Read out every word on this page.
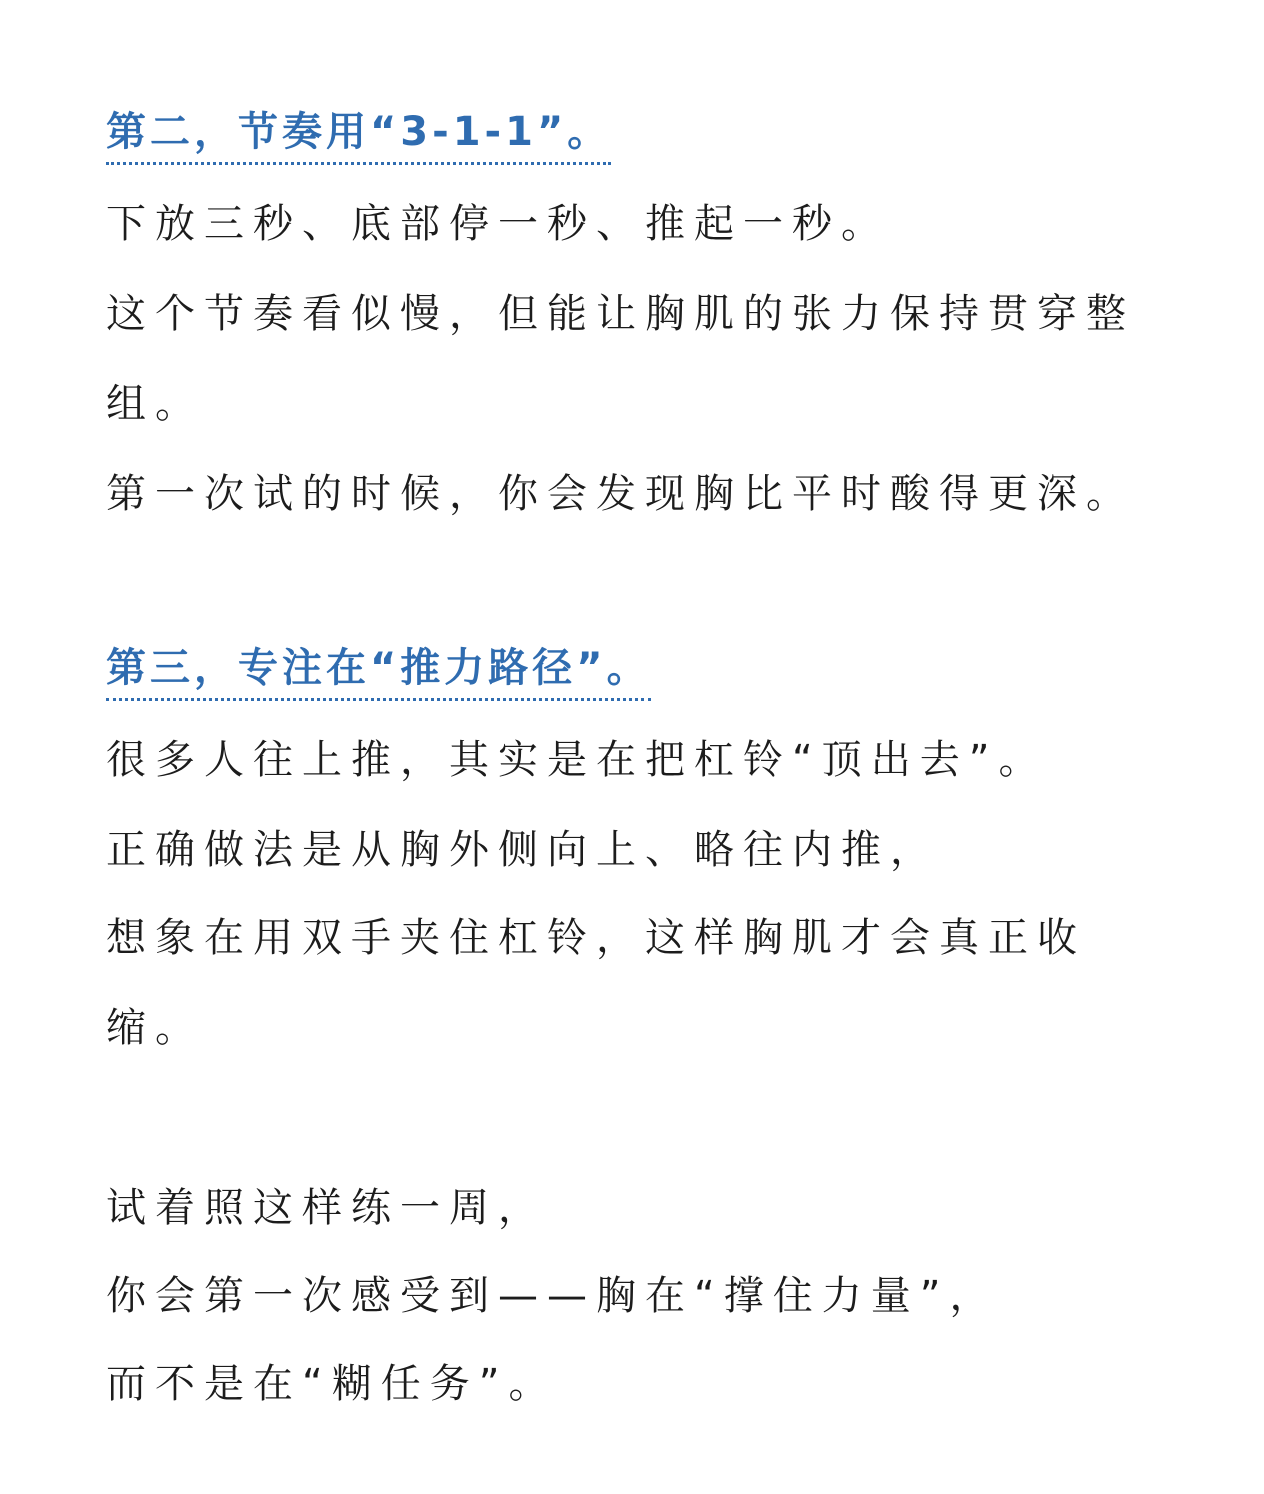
第二，节奏用“3-1-1”。

下放三秒、底部停一秒、推起一秒。

这个节奏看似慢，但能让胸肌的张力保持贯穿整

组。

第一次试的时候，你会发现胸比平时酸得更深。

第三，专注在“推力路径”。

很多人往上推，其实是在把杠铃“顶出去”。

正确做法是从胸外侧向上、略往内推，

想象在用双手夹住杠铃，这样胸肌才会真正收

缩。

试着照这样练一周，

你会第一次感受到——胸在“撑住力量”，

而不是在“糊任务”。
